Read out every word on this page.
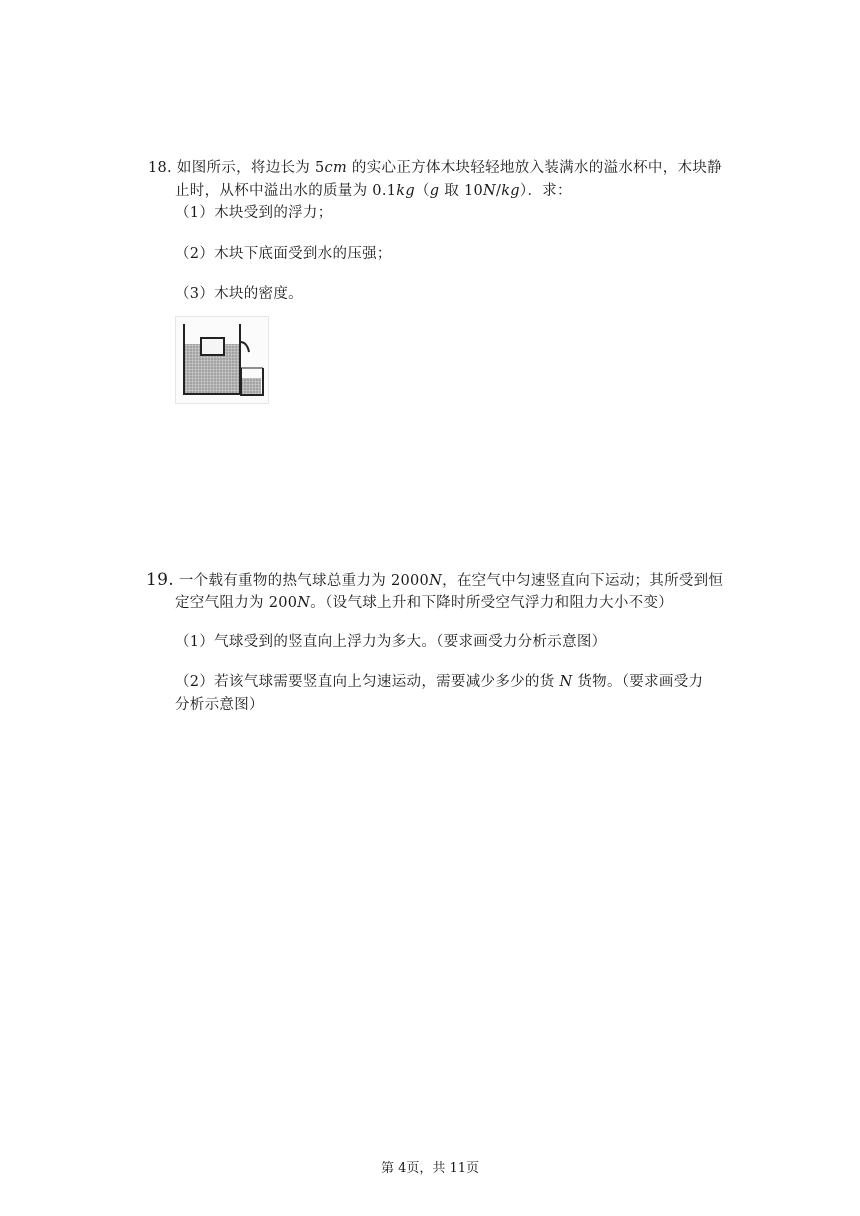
18. 如图所示，将边长为 5cm 的实心正方体木块轻轻地放入装满水的溢水杯中，木块静
止时，从杯中溢出水的质量为 0.1kg（g 取 10N/kg）．求：
（1）木块受到的浮力；
（2）木块下底面受到水的压强；
（3）木块的密度。
19. 一个载有重物的热气球总重力为 2000N，在空气中匀速竖直向下运动；其所受到恒
定空气阻力为 200N。（设气球上升和下降时所受空气浮力和阻力大小不变）
（1）气球受到的竖直向上浮力为多大。（要求画受力分析示意图）
（2）若该气球需要竖直向上匀速运动，需要减少多少的货 N 货物。（要求画受力
分析示意图）
第 4页，共 11页
